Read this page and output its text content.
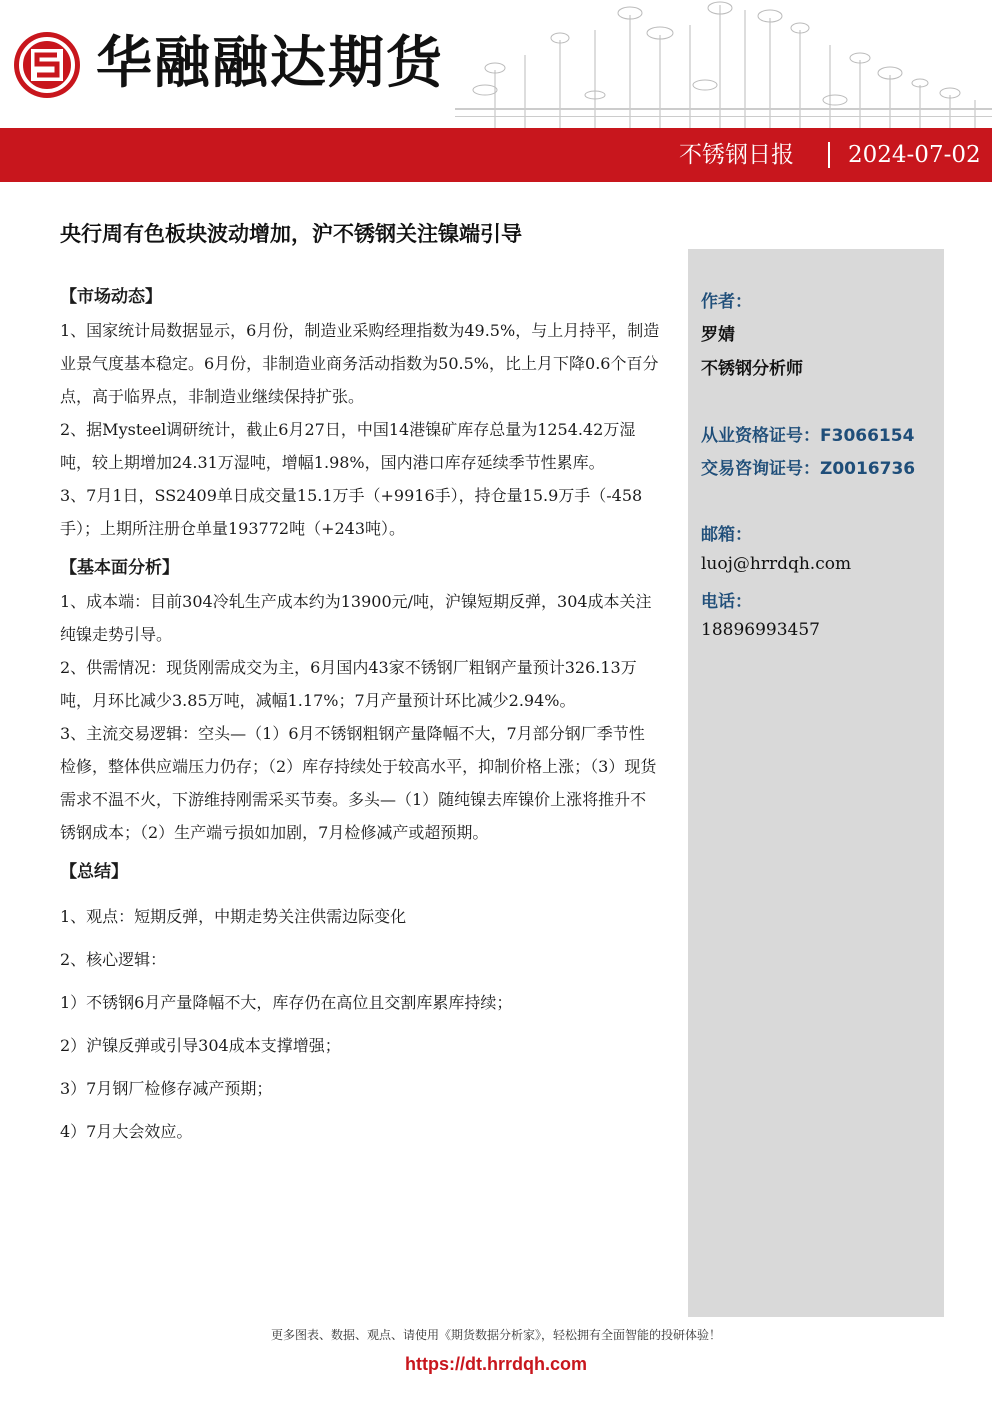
华融融达期货
不锈钢日报 2024-07-02
央行周有色板块波动增加，沪不锈钢关注镍端引导

【市场动态】

1、国家统计局数据显示，6月份，制造业采购经理指数为49.5%，与上月持平，制造业景气度基本稳定。6月份，非制造业商务活动指数为50.5%，比上月下降0.6个百分点，高于临界点，非制造业继续保持扩张。

2、据Mysteel调研统计，截止6月27日，中国14港镍矿库存总量为1254.42万湿吨，较上期增加24.31万湿吨，增幅1.98%，国内港口库存延续季节性累库。

3、7月1日，SS2409单日成交量15.1万手（+9916手），持仓量15.9万手（-458手）；上期所注册仓单量193772吨（+243吨）。

【基本面分析】

1、成本端：目前304冷轧生产成本约为13900元/吨，沪镍短期反弹，304成本关注纯镍走势引导。

2、供需情况：现货刚需成交为主，6月国内43家不锈钢厂粗钢产量预计326.13万吨，月环比减少3.85万吨，减幅1.17%；7月产量预计环比减少2.94%。

3、主流交易逻辑：空头—（1）6月不锈钢粗钢产量降幅不大，7月部分钢厂季节性检修，整体供应端压力仍存；（2）库存持续处于较高水平，抑制价格上涨；（3）现货需求不温不火，下游维持刚需采买节奏。多头—（1）随纯镍去库镍价上涨将推升不锈钢成本；（2）生产端亏损如加剧，7月检修减产或超预期。

【总结】

1、观点：短期反弹，中期走势关注供需边际变化

2、核心逻辑：

1）不锈钢6月产量降幅不大，库存仍在高位且交割库累库持续；

2）沪镍反弹或引导304成本支撑增强；

3）7月钢厂检修存减产预期；

4）7月大会效应。

作者：
罗婧
不锈钢分析师
从业资格证号：F3066154
交易咨询证号：Z0016736
邮箱：
luoj@hrrdqh.com
电话：
18896993457
更多图表、数据、观点、请使用《期货数据分析家》，轻松拥有全面智能的投研体验！
https://dt.hrrdqh.com
